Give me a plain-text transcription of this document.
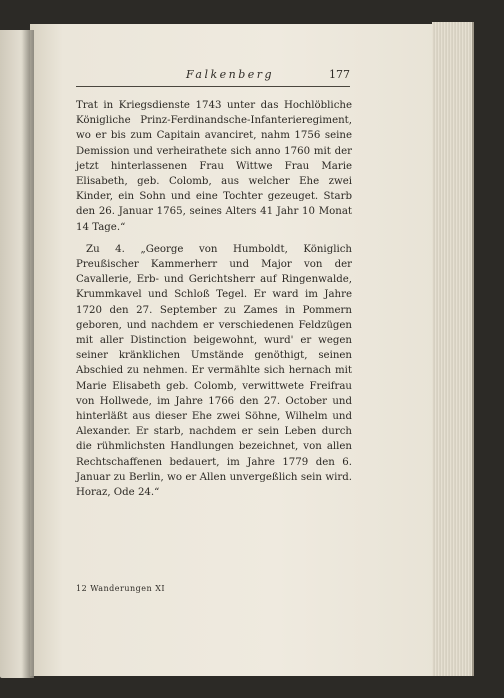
Falkenberg	177

Trat in Kriegsdienste 1743 unter das Hochlöbliche Königliche Prinz-Ferdinandsche-Infanterieregiment, wo er bis zum Capitain avanciret, nahm 1756 seine Demission und verheirathete sich anno 1760 mit der jetzt hinterlassenen Frau Wittwe Frau Marie Elisabeth, geb. Colomb, aus welcher Ehe zwei Kinder, ein Sohn und eine Tochter gezeuget. Starb den 26. Januar 1765, seines Alters 41 Jahr 10 Monat 14 Tage.“

Zu 4. „George von Humboldt, Königlich Preußischer Kammerherr und Major von der Cavallerie, Erb- und Gerichtsherr auf Ringenwalde, Krummkavel und Schloß Tegel. Er ward im Jahre 1720 den 27. September zu Zames in Pommern geboren, und nachdem er verschiedenen Feldzügen mit aller Distinction beigewohnt, wurd' er wegen seiner kränklichen Umstände genöthigt, seinen Abschied zu nehmen. Er vermählte sich hernach mit Marie Elisabeth geb. Colomb, verwittwete Freifrau von Hollwede, im Jahre 1766 den 27. October und hinterläßt aus dieser Ehe zwei Söhne, Wilhelm und Alexander. Er starb, nachdem er sein Leben durch die rühmlichsten Handlungen bezeichnet, von allen Rechtschaffenen bedauert, im Jahre 1779 den 6. Januar zu Berlin, wo er Allen unvergeßlich sein wird. Horaz, Ode 24.“

12 Wanderungen XI
